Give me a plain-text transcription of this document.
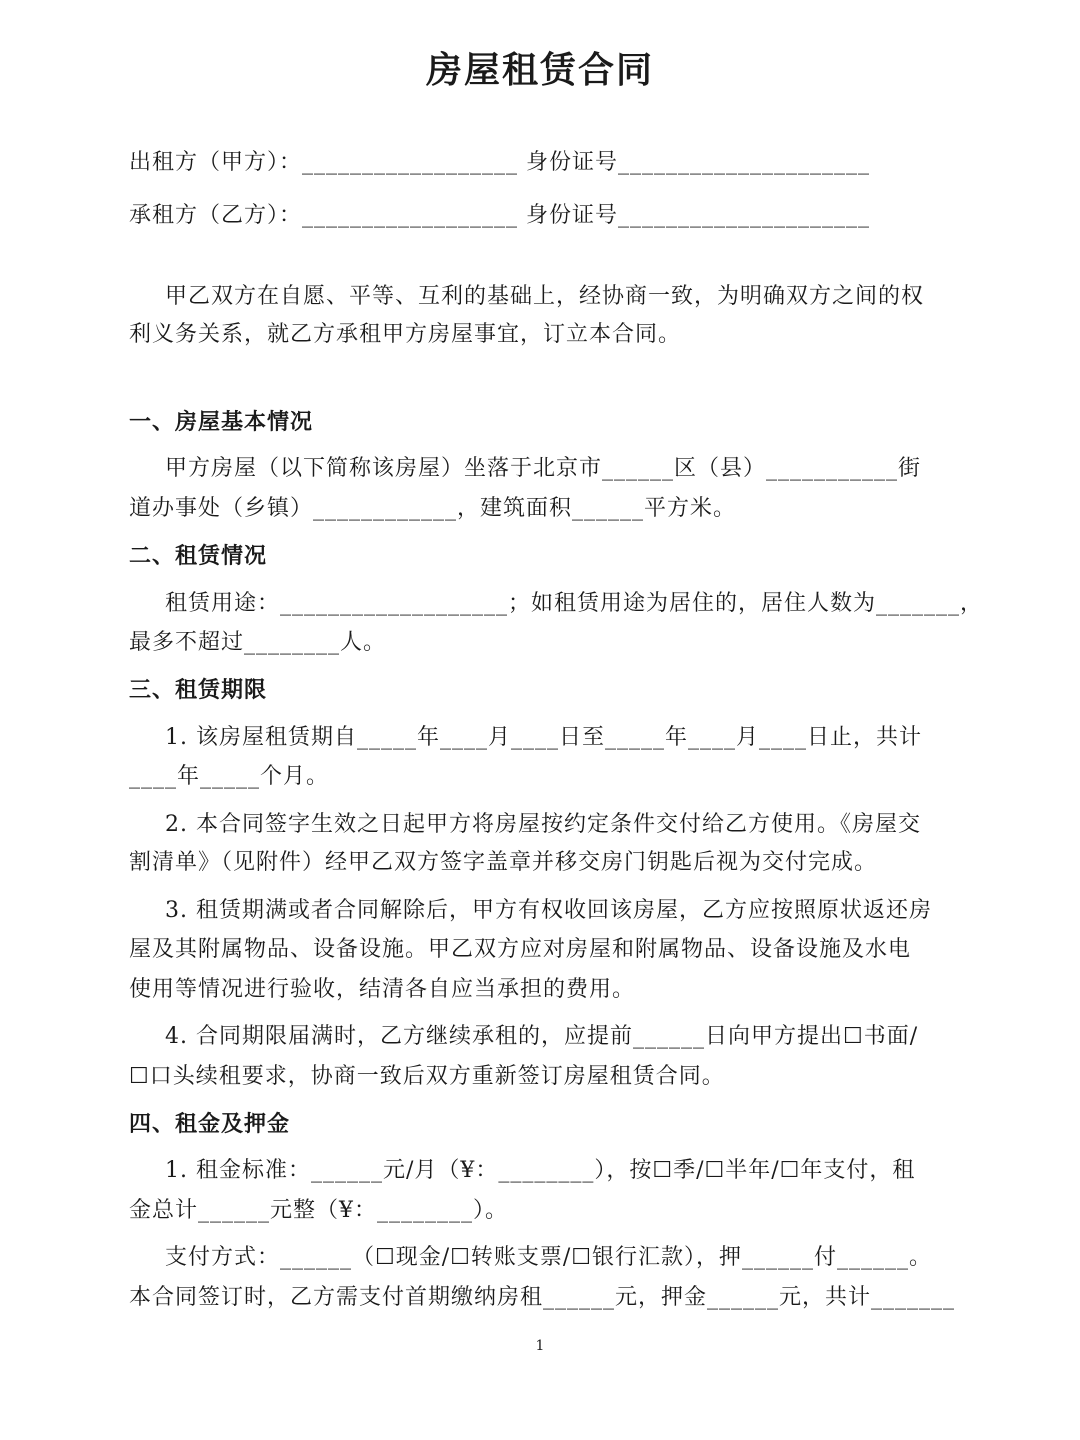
房屋租赁合同
出租方（甲方）：__________________ 身份证号_____________________
承租方（乙方）：__________________ 身份证号_____________________
甲乙双方在自愿、平等、互利的基础上，经协商一致，为明确双方之间的权
利义务关系，就乙方承租甲方房屋事宜，订立本合同。
一、房屋基本情况
甲方房屋（以下简称该房屋）坐落于北京市______区（县）___________街
道办事处（乡镇）____________，建筑面积______平方米。
二、租赁情况
租赁用途：___________________；如租赁用途为居住的，居住人数为_______，
最多不超过________人。
三、租赁期限
1. 该房屋租赁期自_____年____月____日至_____年____月____日止，共计
____年_____个月。
2. 本合同签字生效之日起甲方将房屋按约定条件交付给乙方使用。《房屋交
割清单》（见附件）经甲乙双方签字盖章并移交房门钥匙后视为交付完成。
3. 租赁期满或者合同解除后，甲方有权收回该房屋，乙方应按照原状返还房
屋及其附属物品、设备设施。甲乙双方应对房屋和附属物品、设备设施及水电
使用等情况进行验收，结清各自应当承担的费用。
4. 合同期限届满时，乙方继续承租的，应提前______日向甲方提出☐书面/
☐口头续租要求，协商一致后双方重新签订房屋租赁合同。
四、租金及押金
1. 租金标准：______元/月（¥：________），按☐季/☐半年/☐年支付，租
金总计______元整（¥：________）。
支付方式：______（☐现金/☐转账支票/☐银行汇款），押______付______。
本合同签订时，乙方需支付首期缴纳房租______元，押金______元，共计_______
1
